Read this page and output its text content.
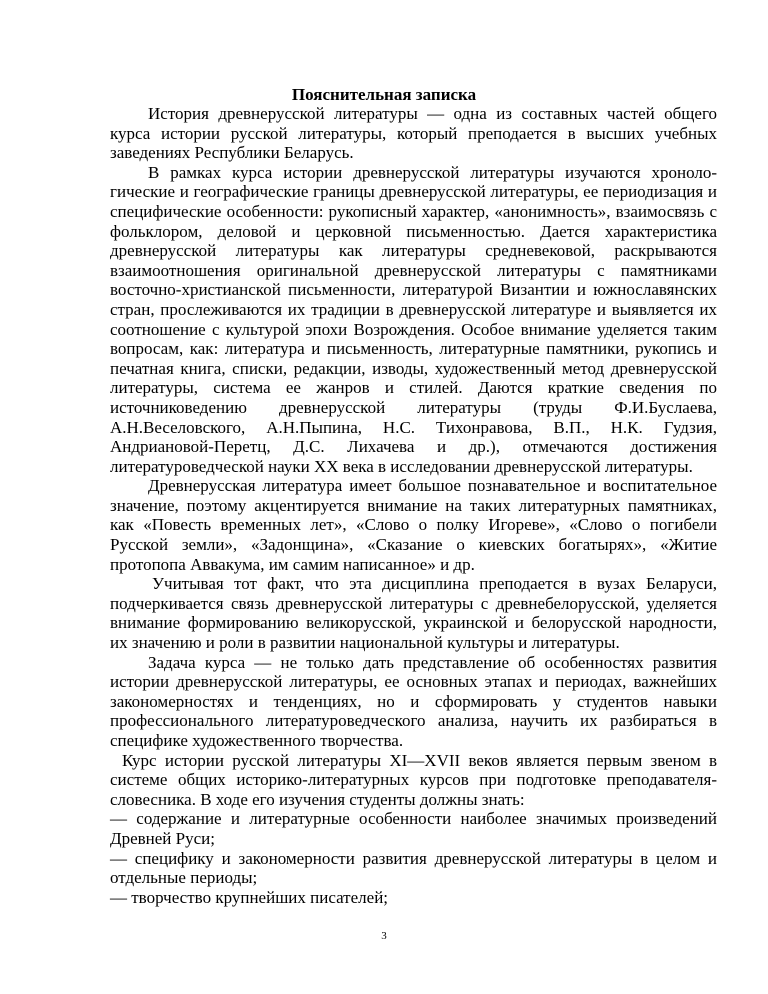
Пояснительная записка

История древнерусской литературы — одна из составных частей общего курса истории русской литературы, который преподается в высших учебных заведениях Республики Беларусь.

В рамках курса истории древнерусской литературы изучаются хронологические и географические границы древнерусской литературы, ее периодизация и специфические особенности: рукописный характер, «анонимность», взаимосвязь с фольклором, деловой и церковной письменностью. Дается характеристика древнерусской литературы как литературы средневековой, раскрываются взаимоотношения оригинальной древнерусской литературы с памятниками восточно-христианской письменности, литературой Византии и южнославянских стран, прослеживаются их традиции в древнерусской литературе и выявляется их соотношение с культурой эпохи Возрождения. Особое внимание уделяется таким вопросам, как: литература и письменность, литературные памятники, рукопись и печатная книга, списки, редакции, изводы, художественный метод древнерусской литературы, система ее жанров и стилей. Даются краткие сведения по источниковедению древнерусской литературы (труды Ф.И.Буслаева, А.Н.Веселовского, А.Н.Пыпина, Н.С. Тихонравова, В.П., Н.К. Гудзия, Андриановой-Перетц, Д.С. Лихачева и др.), отмечаются достижения литературоведческой науки XX века в исследовании древнерусской литературы.

Древнерусская литература имеет большое познавательное и воспитательное значение, поэтому акцентируется внимание на таких литературных памятниках, как «Повесть временных лет», «Слово о полку Игореве», «Слово о погибели Русской земли», «Задонщина», «Сказание о киевских богатырях», «Житие протопопа Аввакума, им самим написанное» и др.

Учитывая тот факт, что эта дисциплина преподается в вузах Беларуси, подчеркивается связь древнерусской литературы с древнебелорусской, уделяется внимание формированию великорусской, украинской и белорусской народности, их значению и роли в развитии национальной культуры и литературы.

Задача курса — не только дать представление об особенностях развития истории древнерусской литературы, ее основных этапах и периодах, важнейших закономерностях и тенденциях, но и сформировать у студентов навыки профессионального литературоведческого анализа, научить их разбираться в специфике художественного творчества.

Курс истории русской литературы XI—XVII веков является первым звеном в системе общих историко-литературных курсов при подготовке преподавателя-словесника. В ходе его изучения студенты должны знать:

— содержание и литературные особенности наиболее значимых произведений Древней Руси;

— специфику и закономерности развития древнерусской литературы в целом и отдельные периоды;

— творчество крупнейших писателей;

3
